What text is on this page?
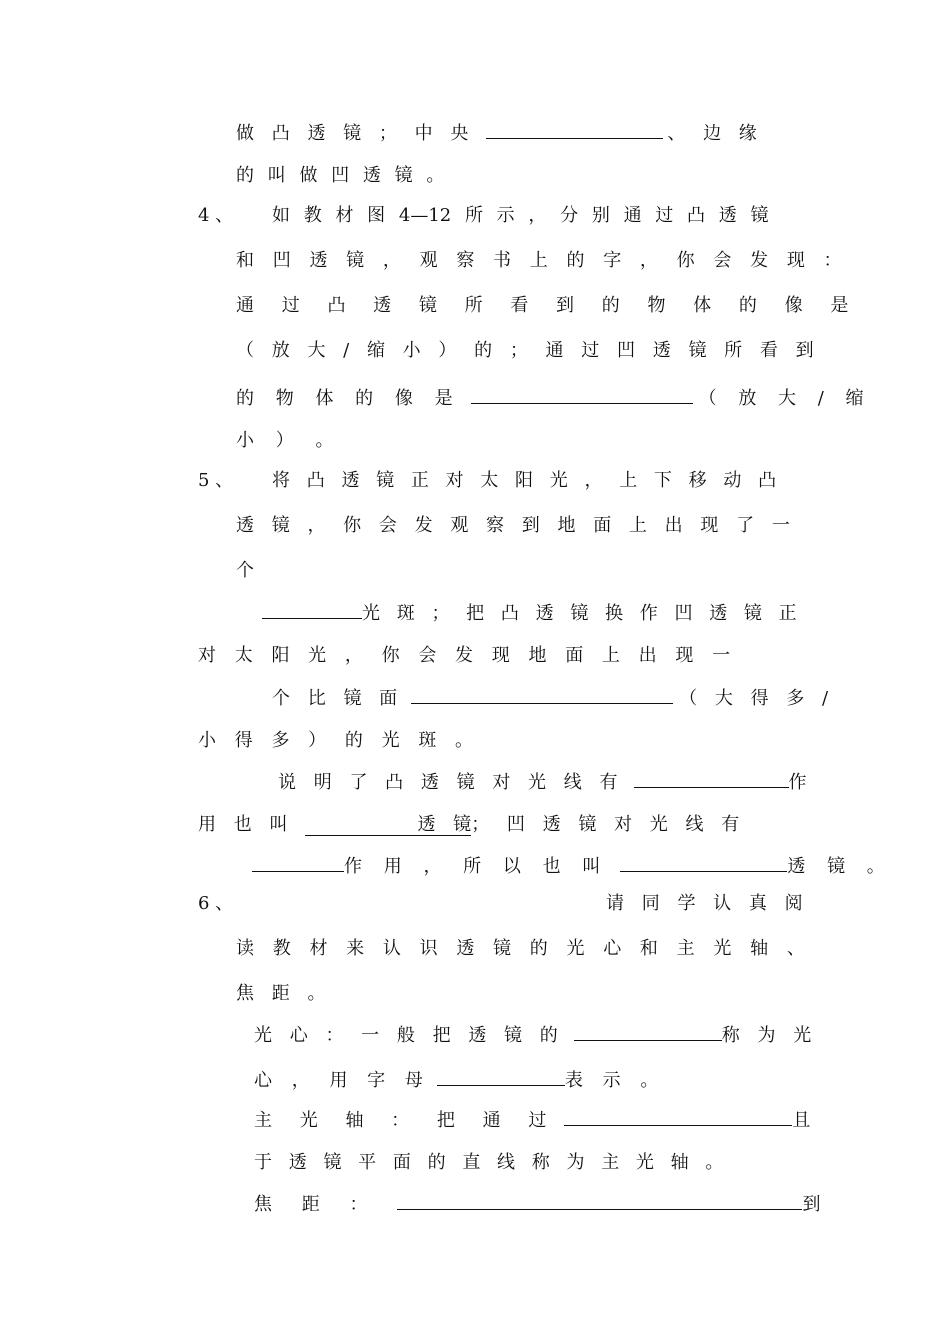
做 凸 透 镜 ； 中 央	、 边 缘
的 叫 做 凹 透 镜 。
4 、 如 教 材 图 4—12 所 示 ， 分 别 通 过 凸 透 镜
和 凹 透 镜 ， 观 察 书 上 的 字 ， 你 会 发 现 ：
通 过 凸 透 镜 所 看 到 的 物 体 的 像 是
（ 放 大 / 缩 小 ） 的 ； 通 过 凹 透 镜 所 看 到
的 物 体 的 像 是	（ 放 大 / 缩
小 ） 。
5 、 将 凸 透 镜 正 对 太 阳 光 ， 上 下 移 动 凸
透 镜 ， 你 会 发 观 察 到 地 面 上 出 现 了 一
个
光 斑 ； 把 凸 透 镜 换 作 凹 透 镜 正
对 太 阳 光 ， 你 会 发 现 地 面 上 出 现 一
个 比 镜 面	（ 大 得 多 /
小 得 多 ） 的 光 斑 。
说 明 了 凸 透 镜 对 光 线 有	作
用 也 叫	透 镜； 凹 透 镜 对 光 线 有
作 用 ， 所 以 也 叫	透 镜 。
6 、	请 同 学 认 真 阅
读 教 材 来 认 识 透 镜 的 光 心 和 主 光 轴 、
焦 距 。
光 心 ： 一 般 把 透 镜 的	称 为 光
心 ， 用 字 母	表 示 。
主 光 轴 ： 把 通 过	且
于 透 镜 平 面 的 直 线 称 为 主 光 轴 。
焦 距 ：	到
